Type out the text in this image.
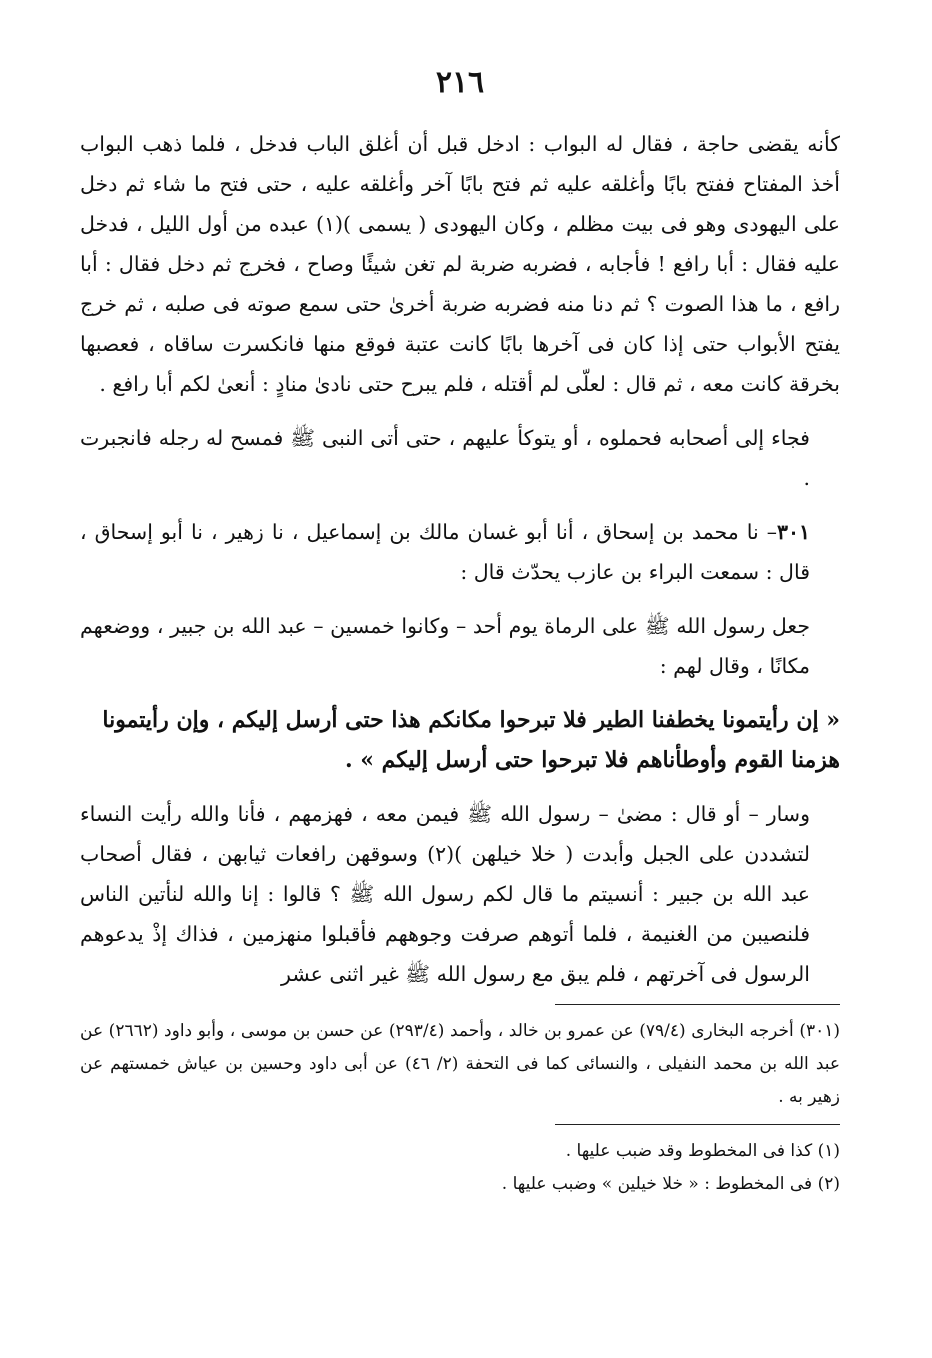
٢١٦

كأنه يقضى حاجة ، فقال له البواب : ادخل قبل أن أغلق الباب فدخل ، فلما ذهب البواب أخذ المفتاح ففتح بابًا وأغلقه عليه ثم فتح بابًا آخر وأغلقه عليه ، حتى فتح ما شاء ثم دخل على اليهودى وهو فى بيت مظلم ، وكان اليهودى ( يسمى )(١) عبده من أول الليل ، فدخل عليه فقال : أبا رافع ! فأجابه ، فضربه ضربة لم تغن شيئًا وصاح ، فخرج ثم دخل فقال : أبا رافع ، ما هذا الصوت ؟ ثم دنا منه فضربه ضربة أخرىٰ حتى سمع صوته فى صلبه ، ثم خرج يفتح الأبواب حتى إذا كان فى آخرها بابًا كانت عتبة فوقع منها فانكسرت ساقاه ، فعصبها بخرقة كانت معه ، ثم قال : لعلّى لم أقتله ، فلم يبرح حتى نادىٰ منادٍ : أنعىٰ لكم أبا رافع .

فجاء إلى أصحابه فحملوه ، أو يتوكأ عليهم ، حتى أتى النبى ﷺ فمسح له رجله فانجبرت .

٣٠١– نا محمد بن إسحاق ، أنا أبو غسان مالك بن إسماعيل ، نا زهير ، نا أبو إسحاق ، قال : سمعت البراء بن عازب يحدّث قال :

جعل رسول الله ﷺ على الرماة يوم أحد – وكانوا خمسين – عبد الله بن جبير ، ووضعهم مكانًا ، وقال لهم :

« إن رأيتمونا يخطفنا الطير فلا تبرحوا مكانكم هذا حتى أرسل إليكم ، وإن رأيتمونا هزمنا القوم وأوطأناهم فلا تبرحوا حتى أرسل إليكم » .

وسار – أو قال : مضىٰ – رسول الله ﷺ فيمن معه ، فهزمهم ، فأنا والله رأيت النساء لتشددن على الجبل وأبدت ( خلا خيلهن )(٢) وسوقهن رافعات ثيابهن ، فقال أصحاب عبد الله بن جبير : أنسيتم ما قال لكم رسول الله ﷺ ؟ قالوا : إنا والله لنأتين الناس فلنصيبن من الغنيمة ، فلما أتوهم صرفت وجوههم فأقبلوا منهزمين ، فذاك إذْ يدعوهم الرسول فى آخرتهم ، فلم يبق مع رسول الله ﷺ غير اثنى عشر

(٣٠١) أخرجه البخارى (٧٩/٤) عن عمرو بن خالد ، وأحمد (٢٩٣/٤) عن حسن بن موسى ، وأبو داود (٢٦٦٢) عن عبد الله بن محمد النفيلى ، والنسائى كما فى التحفة (٢/ ٤٦) عن أبى داود وحسين بن عياش خمستهم عن زهير به .

(١) كذا فى المخطوط وقد ضبب عليها .

(٢) فى المخطوط : « خلا خيلين » وضبب عليها .
